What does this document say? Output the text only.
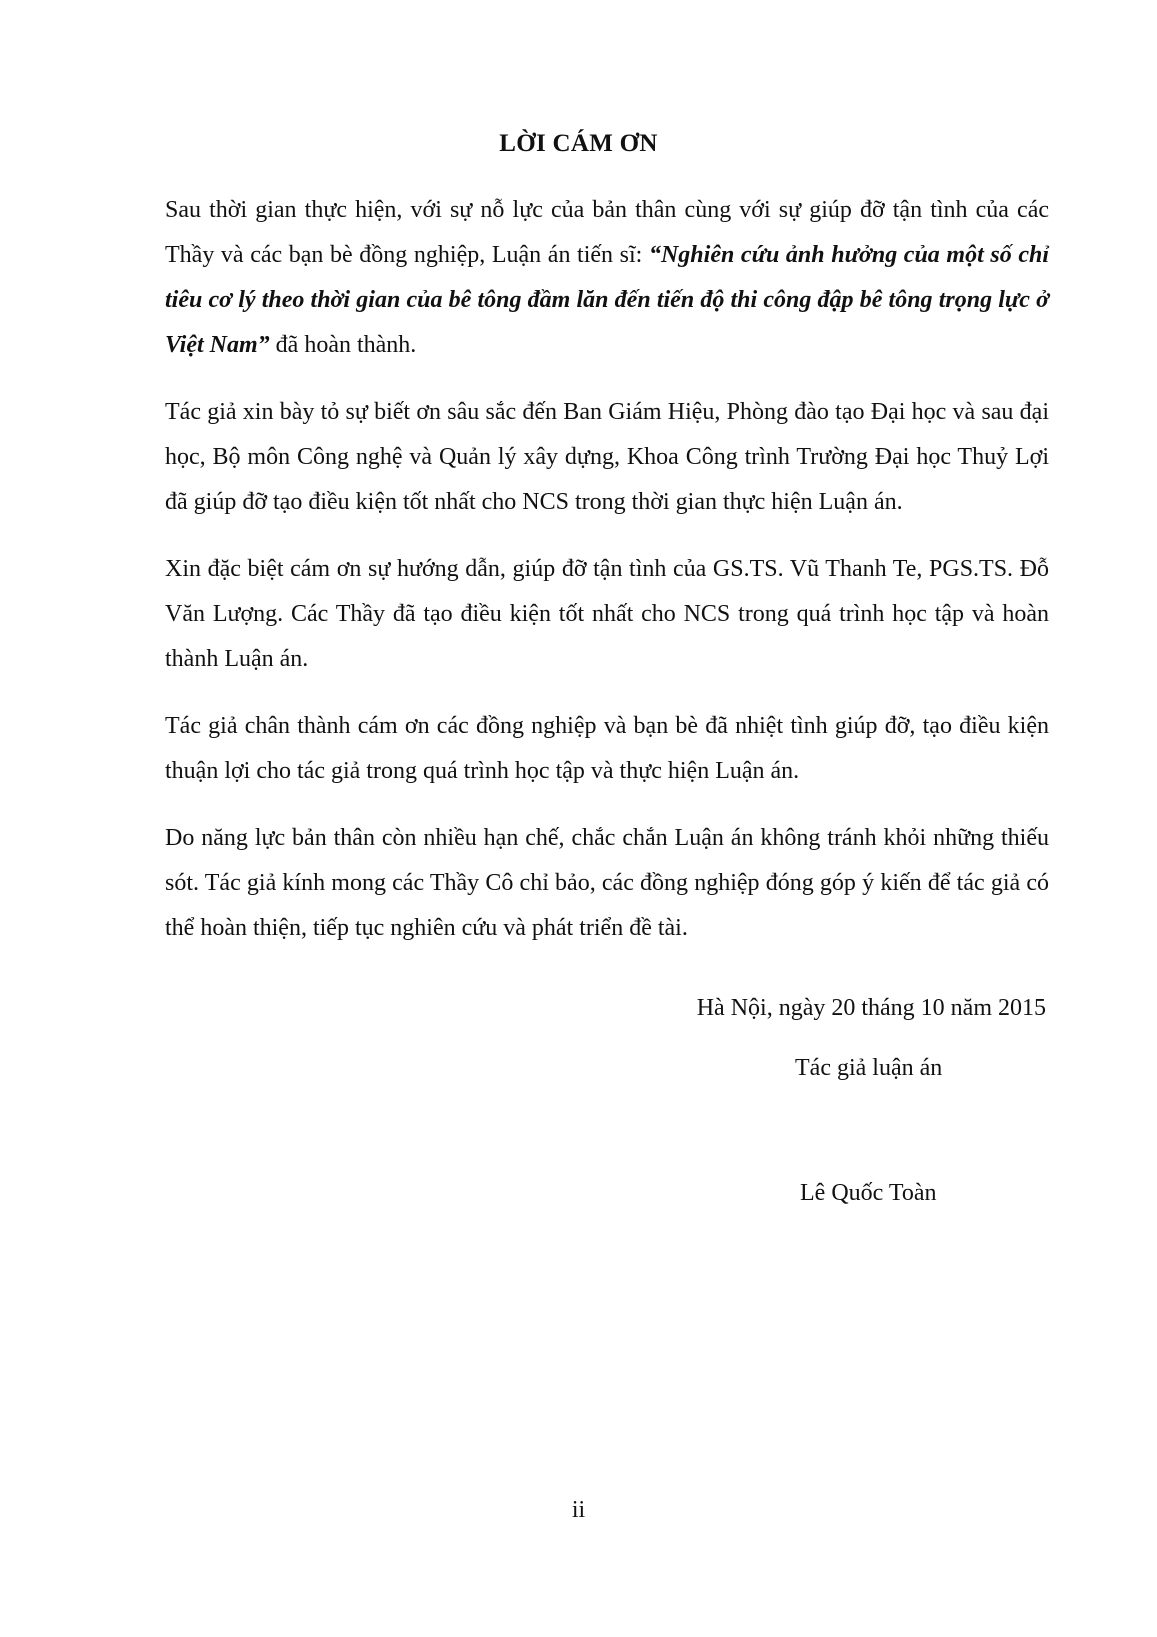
LỜI CÁM ƠN

Sau thời gian thực hiện, với sự nỗ lực của bản thân cùng với sự giúp đỡ tận tình của các Thầy và các bạn bè đồng nghiệp, Luận án tiến sĩ: “Nghiên cứu ảnh hưởng của một số chỉ tiêu cơ lý theo thời gian của bê tông đầm lăn đến tiến độ thi công đập bê tông trọng lực ở Việt Nam” đã hoàn thành.

Tác giả xin bày tỏ sự biết ơn sâu sắc đến Ban Giám Hiệu, Phòng đào tạo Đại học và sau đại học, Bộ môn Công nghệ và Quản lý xây dựng, Khoa Công trình Trường Đại học Thuỷ Lợi đã giúp đỡ tạo điều kiện tốt nhất cho NCS trong thời gian thực hiện Luận án.

Xin đặc biệt cám ơn sự hướng dẫn, giúp đỡ tận tình của GS.TS. Vũ Thanh Te, PGS.TS. Đỗ Văn Lượng. Các Thầy đã tạo điều kiện tốt nhất cho NCS trong quá trình học tập và hoàn thành Luận án.

Tác giả chân thành cám ơn các đồng nghiệp và bạn bè đã nhiệt tình giúp đỡ, tạo điều kiện thuận lợi cho tác giả trong quá trình học tập và thực hiện Luận án.

Do năng lực bản thân còn nhiều hạn chế, chắc chắn Luận án không tránh khỏi những thiếu sót. Tác giả kính mong các Thầy Cô chỉ bảo, các đồng nghiệp đóng góp ý kiến để tác giả có thể hoàn thiện, tiếp tục nghiên cứu và phát triển đề tài.

Hà Nội, ngày 20 tháng 10 năm 2015
Tác giả luận án
Lê Quốc Toàn
ii
